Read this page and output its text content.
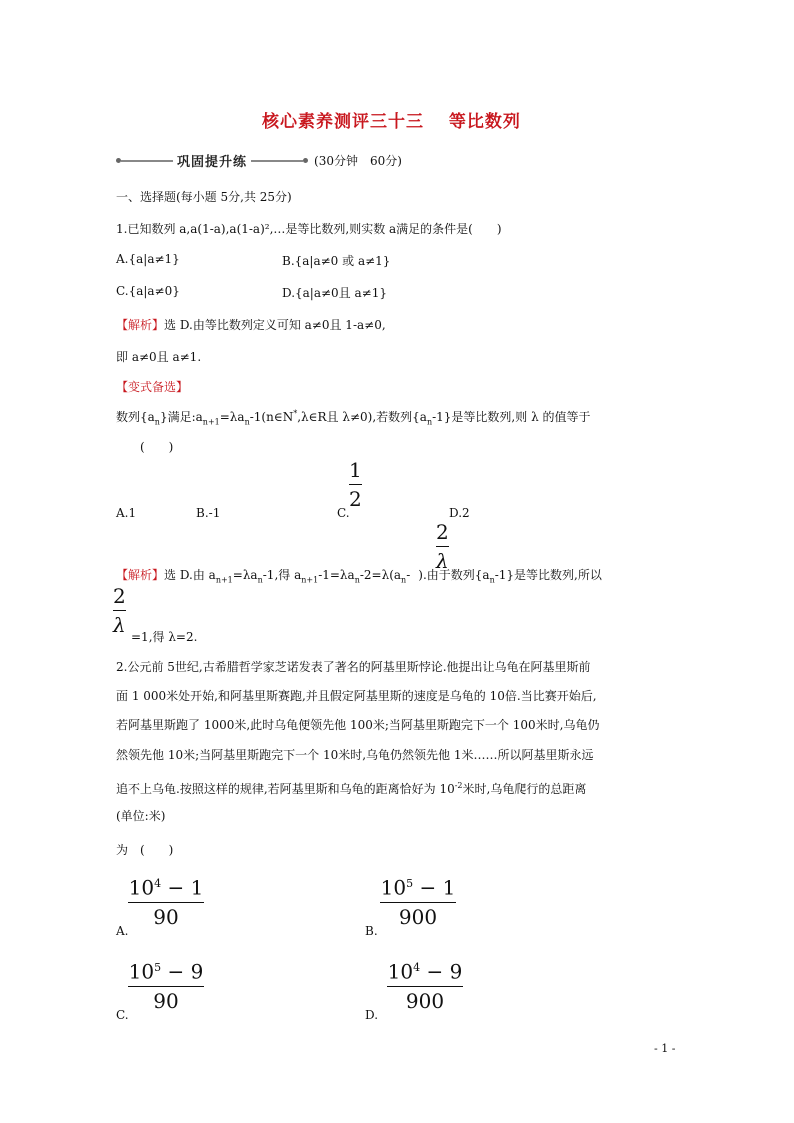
核心素养测评三十三　 等比数列
巩固提升练	(30分钟　60分)
一、选择题(每小题 5分,共 25分)
1.已知数列 a,a(1-a),a(1-a)²,…是等比数列,则实数 a满足的条件是(　　)
A.{a|a≠1}	B.{a|a≠0 或 a≠1}
C.{a|a≠0}	D.{a|a≠0且 a≠1}
【解析】选 D.由等比数列定义可知 a≠0且 1-a≠0,
即 a≠0且 a≠1.
【变式备选】
数列$\{a_n\}$满足$:a_{n+1}=\lambda a_n-1(n\in N^*,\lambda\in R$且 λ≠0),若数列$\{a_n-1\}$是等比数列,则 λ 的值等于
(　　)
1
2
A.1	B.-1	C.	D.2
2
λ
【解析】选 D.由 $a_{n+1}=\lambda a_n-1$,得 $a_{n+1}-1=\lambda a_n-2=\lambda(a_n-$ ).由于数列$\{a_n-1\}$是等比数列,所以
2
λ =1,得 λ=2.
2.公元前 5世纪,古希腊哲学家芝诺发表了著名的阿基里斯悖论.他提出让乌龟在阿基里斯前
面 1 000米处开始,和阿基里斯赛跑,并且假定阿基里斯的速度是乌龟的 10倍.当比赛开始后,
若阿基里斯跑了 1000米,此时乌龟便领先他 100米;当阿基里斯跑完下一个 100米时,乌龟仍
然领先他 10米;当阿基里斯跑完下一个 10米时,乌龟仍然领先他 1米……所以阿基里斯永远
追不上乌龟.按照这样的规律,若阿基里斯和乌龟的距离恰好为 $10^{-2}$米时,乌龟爬行的总距离
(单位:米)
为　(　　)
$10^4 - 1$
90
A.
$10^5 - 1$
900
B.
$10^5 - 9$
90
C.
$10^4 - 9$
900
D.
- 1 -
